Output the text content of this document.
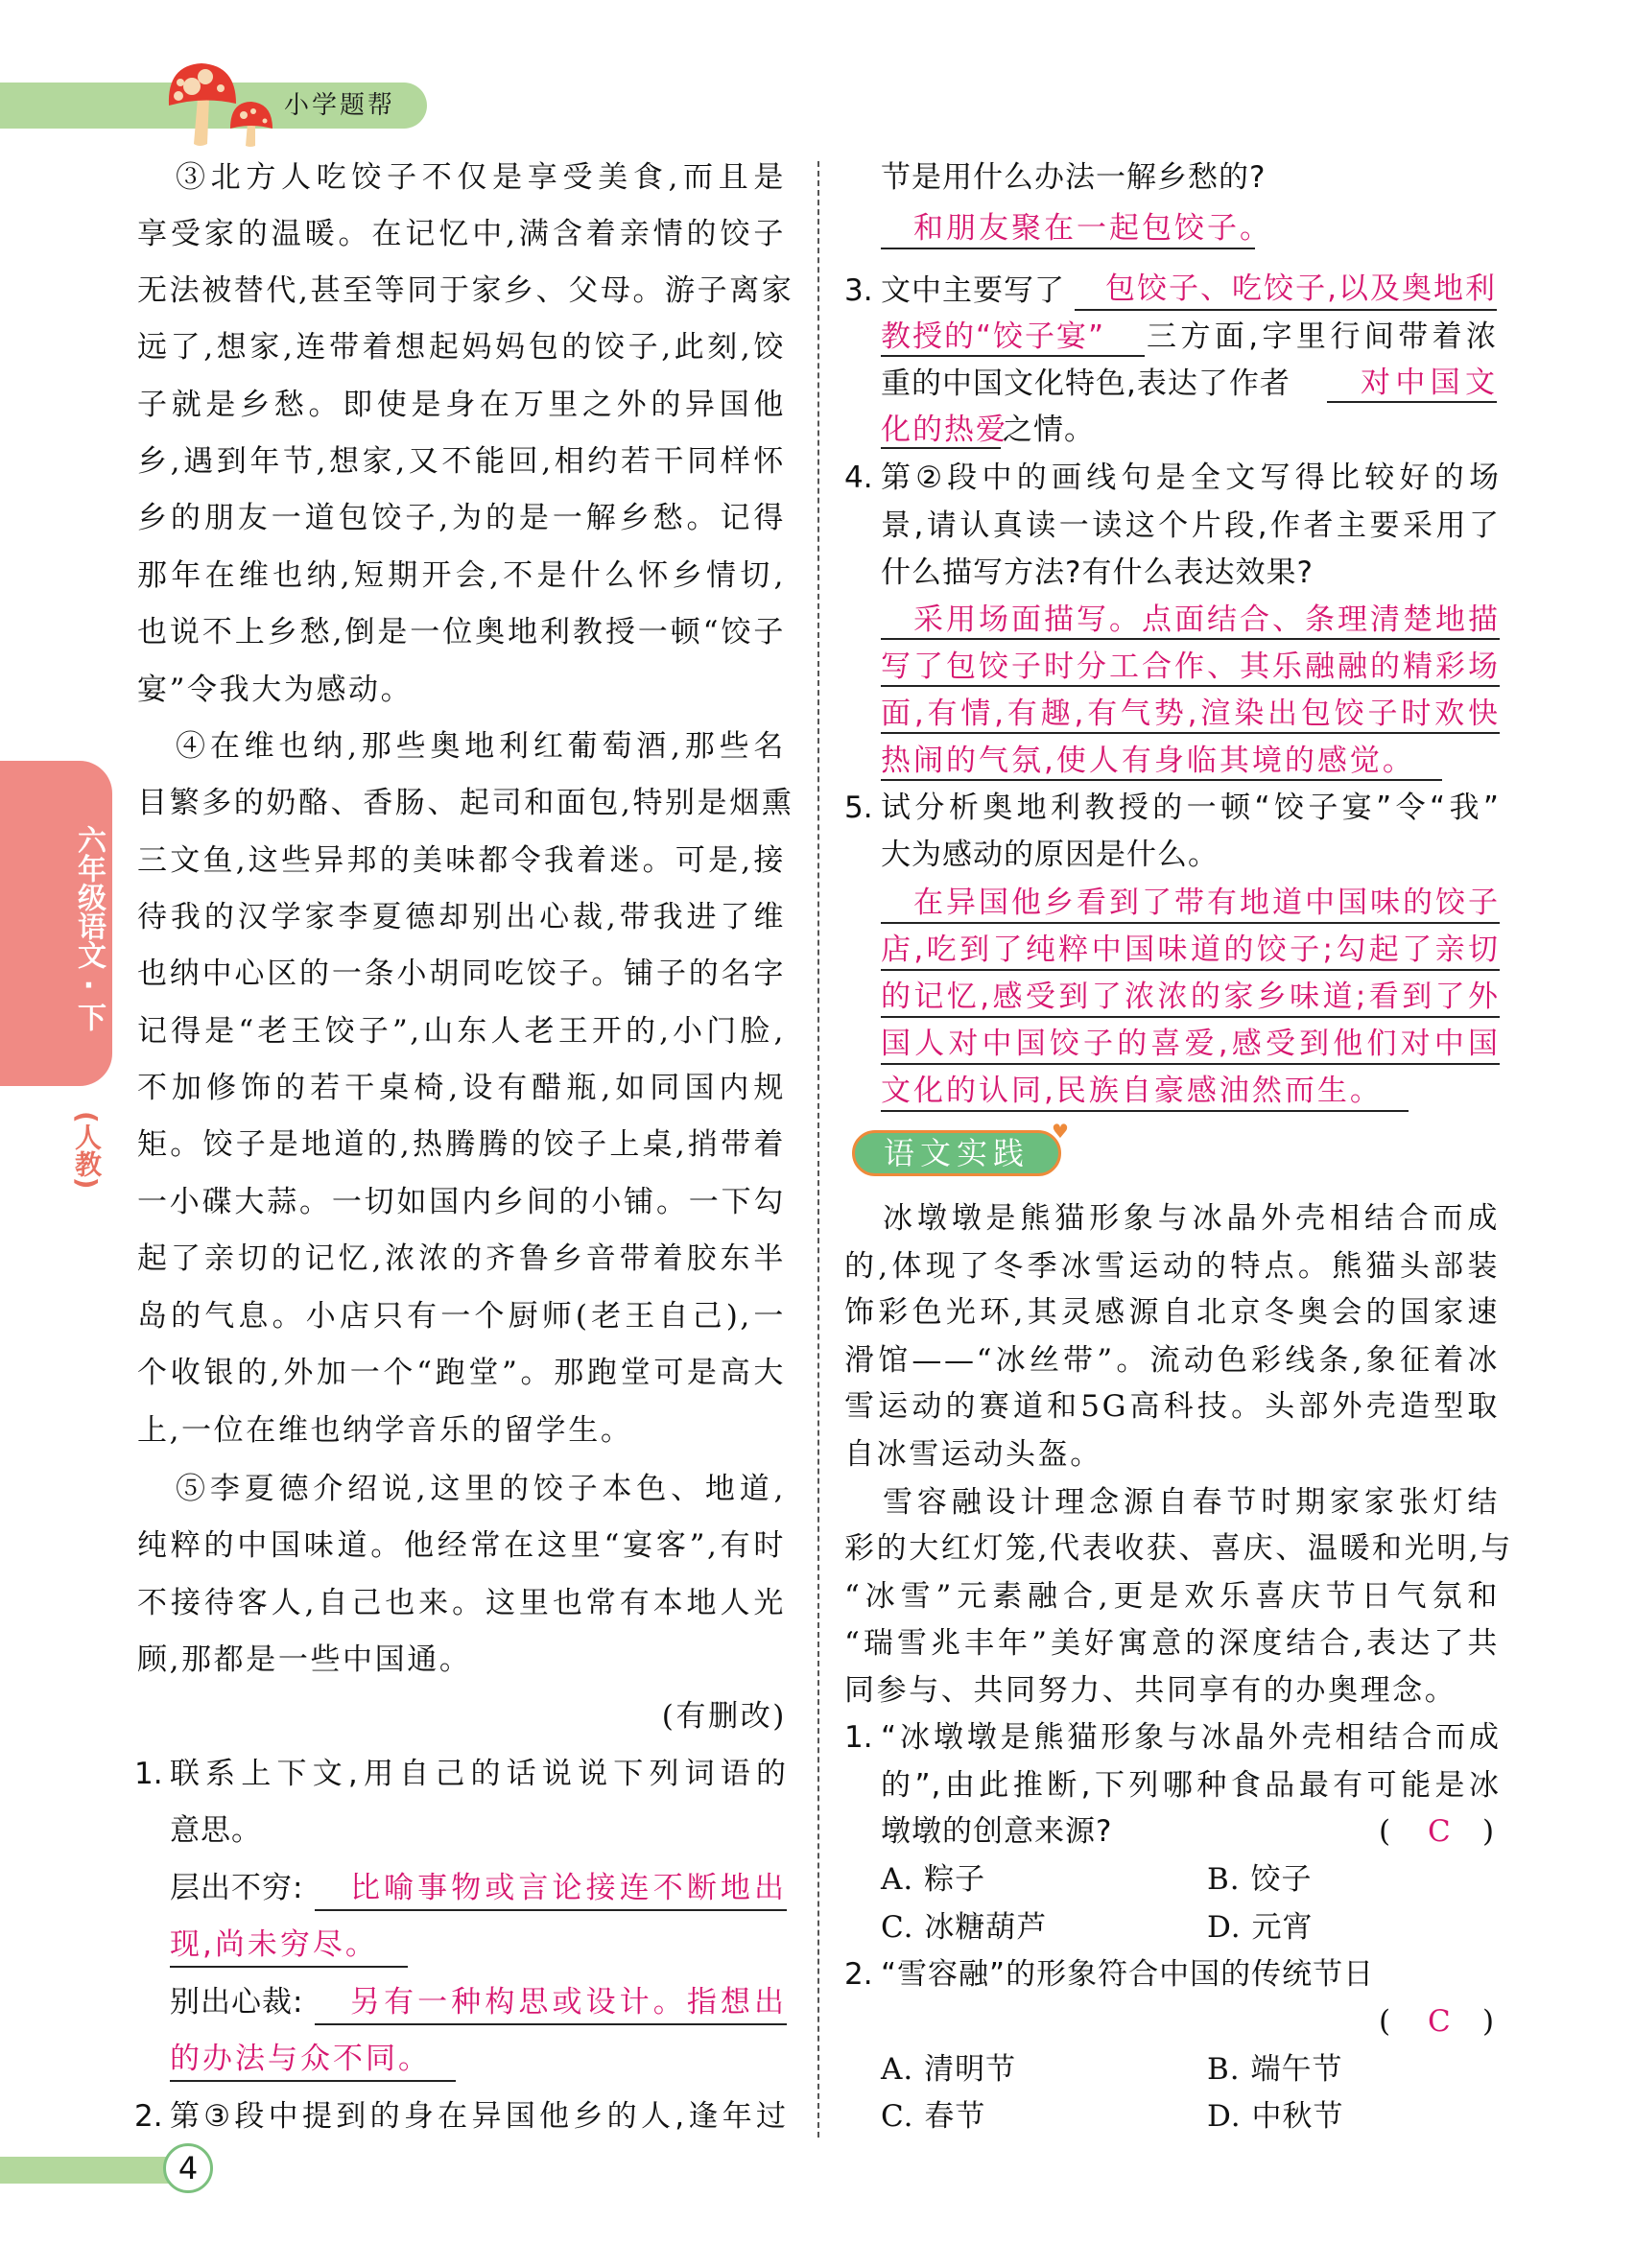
小学题帮
六年级语文·下
(人教)
③北方人吃饺子不仅是享受美食,而且是
享受家的温暖。在记忆中,满含着亲情的饺子
无法被替代,甚至等同于家乡、父母。游子离家
远了,想家,连带着想起妈妈包的饺子,此刻,饺
子就是乡愁。即使是身在万里之外的异国他
乡,遇到年节,想家,又不能回,相约若干同样怀
乡的朋友一道包饺子,为的是一解乡愁。记得
那年在维也纳,短期开会,不是什么怀乡情切,
也说不上乡愁,倒是一位奥地利教授一顿“饺子
宴”令我大为感动。
④在维也纳,那些奥地利红葡萄酒,那些名
目繁多的奶酪、香肠、起司和面包,特别是烟熏
三文鱼,这些异邦的美味都令我着迷。可是,接
待我的汉学家李夏德却别出心裁,带我进了维
也纳中心区的一条小胡同吃饺子。铺子的名字
记得是“老王饺子”,山东人老王开的,小门脸,
不加修饰的若干桌椅,设有醋瓶,如同国内规
矩。饺子是地道的,热腾腾的饺子上桌,捎带着
一小碟大蒜。一切如国内乡间的小铺。一下勾
起了亲切的记忆,浓浓的齐鲁乡音带着胶东半
岛的气息。小店只有一个厨师(老王自己),一
个收银的,外加一个“跑堂”。那跑堂可是高大
上,一位在维也纳学音乐的留学生。
⑤李夏德介绍说,这里的饺子本色、地道,
纯粹的中国味道。他经常在这里“宴客”,有时
不接待客人,自己也来。这里也常有本地人光
顾,那都是一些中国通。
(有删改)
1. 联系上下文,用自己的话说说下列词语的
意思。
层出不穷: 比喻事物或言论接连不断地出
现,尚未穷尽。
别出心裁: 另有一种构思或设计。指想出
的办法与众不同。
2. 第③段中提到的身在异国他乡的人,逢年过
节是用什么办法一解乡愁的?
和朋友聚在一起包饺子。
3. 文中主要写了 包饺子、吃饺子,以及奥地利
教授的“饺子宴” 三方面,字里行间带着浓
重的中国文化特色,表达了作者 对中国文
化的热爱
之情。
4. 第②段中的画线句是全文写得比较好的场
景,请认真读一读这个片段,作者主要采用了
什么描写方法?有什么表达效果?
采用场面描写。点面结合、条理清楚地描
写了包饺子时分工合作、其乐融融的精彩场
面,有情,有趣,有气势,渲染出包饺子时欢快
热闹的气氛,使人有身临其境的感觉。
5. 试分析奥地利教授的一顿“饺子宴”令“我”
大为感动的原因是什么。
在异国他乡看到了带有地道中国味的饺子
店,吃到了纯粹中国味道的饺子;勾起了亲切
的记忆,感受到了浓浓的家乡味道;看到了外
国人对中国饺子的喜爱,感受到他们对中国
文化的认同,民族自豪感油然而生。
语文实践
♥
冰墩墩是熊猫形象与冰晶外壳相结合而成
的,体现了冬季冰雪运动的特点。熊猫头部装
饰彩色光环,其灵感源自北京冬奥会的国家速
滑馆——“冰丝带”。流动色彩线条,象征着冰
雪运动的赛道和5G高科技。头部外壳造型取
自冰雪运动头盔。
雪容融设计理念源自春节时期家家张灯结
彩的大红灯笼,代表收获、喜庆、温暖和光明,与
“冰雪”元素融合,更是欢乐喜庆节日气氛和
“瑞雪兆丰年”美好寓意的深度结合,表达了共
同参与、共同努力、共同享有的办奥理念。
1. “冰墩墩是熊猫形象与冰晶外壳相结合而成
的”,由此推断,下列哪种食品最有可能是冰
墩墩的创意来源?	( C )
A. 粽子	B. 饺子
C. 冰糖葫芦	D. 元宵
2. “雪容融”的形象符合中国的传统节日
( C )
A. 清明节	B. 端午节
C. 春节	D. 中秋节
4
